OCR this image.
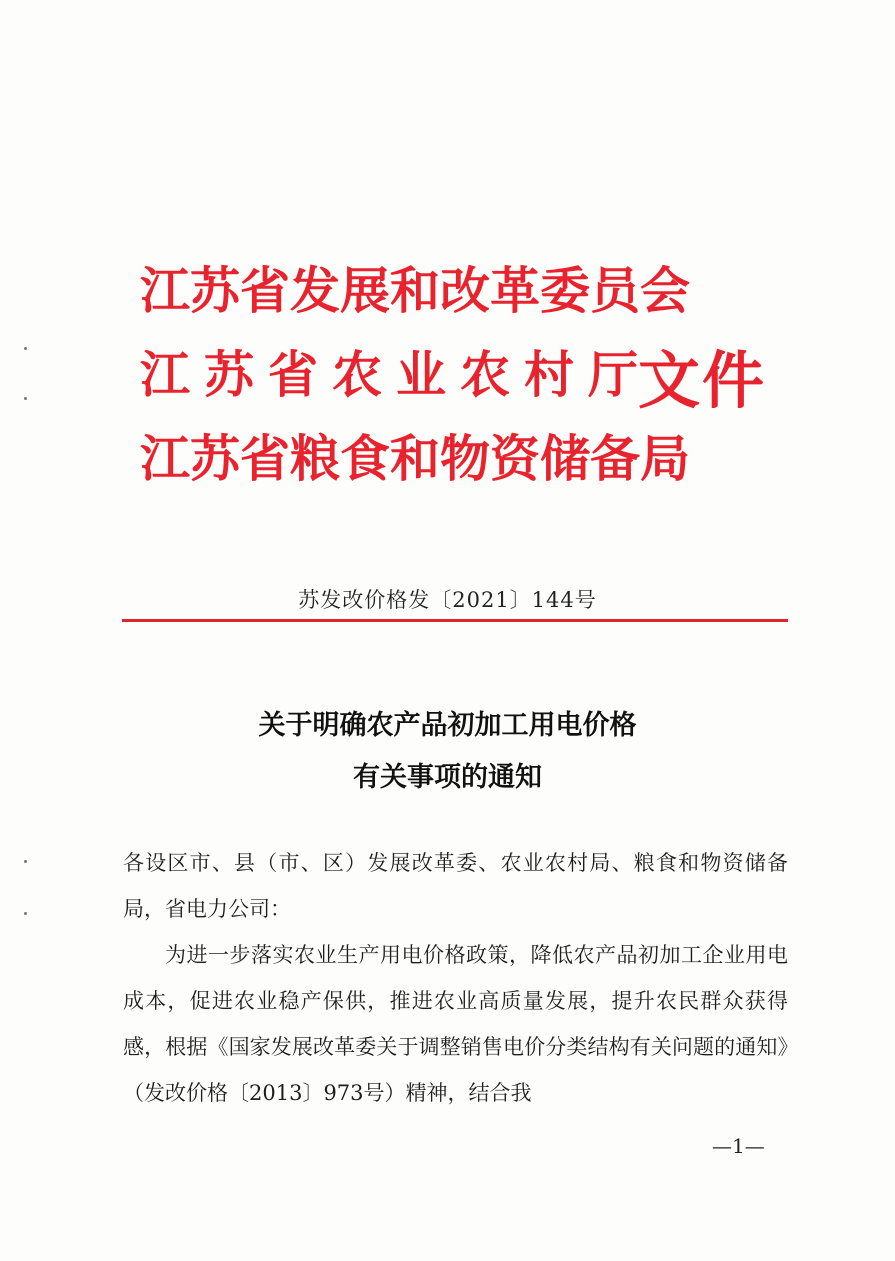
江苏省发展和改革委员会
江苏省农业农村厅
江苏省粮食和物资储备局
文件
苏发改价格发〔2021〕144号
关于明确农产品初加工用电价格
有关事项的通知

各设区市、县（市、区）发展改革委、农业农村局、粮食和物资储备局，省电力公司：

为进一步落实农业生产用电价格政策，降低农产品初加工企业用电成本，促进农业稳产保供，推进农业高质量发展，提升农民群众获得感，根据《国家发展改革委关于调整销售电价分类结构有关问题的通知》（发改价格〔2013〕973号）精神，结合我

—1—
